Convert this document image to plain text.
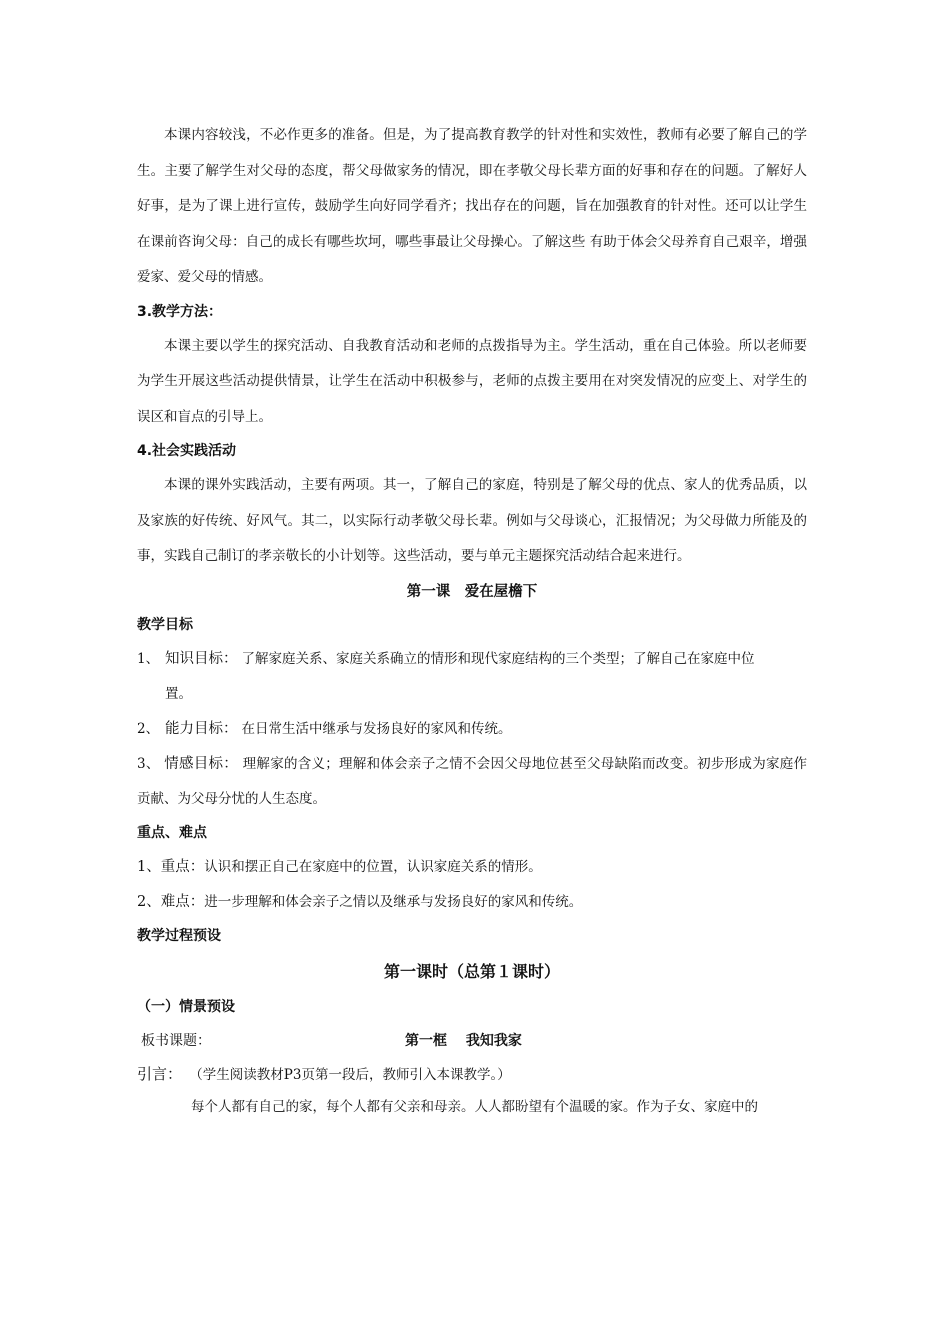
本课内容较浅，不必作更多的准备。但是，为了提高教育教学的针对性和实效性，教师有必要了解自己的学生。主要了解学生对父母的态度，帮父母做家务的情况，即在孝敬父母长辈方面的好事和存在的问题。了解好人好事，是为了课上进行宣传，鼓励学生向好同学看齐；找出存在的问题，旨在加强教育的针对性。还可以让学生在课前咨询父母：自己的成长有哪些坎坷，哪些事最让父母操心。了解这些 有助于体会父母养育自己艰辛，增强爱家、爱父母的情感。

3.教学方法：

本课主要以学生的探究活动、自我教育活动和老师的点拨指导为主。学生活动，重在自己体验。所以老师要为学生开展这些活动提供情景，让学生在活动中积极参与，老师的点拨主要用在对突发情况的应变上、对学生的误区和盲点的引导上。

4.社会实践活动

本课的课外实践活动，主要有两项。其一，了解自己的家庭，特别是了解父母的优点、家人的优秀品质，以及家族的好传统、好风气。其二，以实际行动孝敬父母长辈。例如与父母谈心，汇报情况；为父母做力所能及的事，实践自己制订的孝亲敬长的小计划等。这些活动，要与单元主题探究活动结合起来进行。

第一课　爱在屋檐下

教学目标

1、 知识目标： 了解家庭关系、家庭关系确立的情形和现代家庭结构的三个类型；了解自己在家庭中位

置。

2、 能力目标： 在日常生活中继承与发扬良好的家风和传统。

3、 情感目标： 理解家的含义；理解和体会亲子之情不会因父母地位甚至父母缺陷而改变。初步形成为家庭作贡献、为父母分忧的人生态度。

重点、难点

1、重点：认识和摆正自己在家庭中的位置，认识家庭关系的情形。

2、难点：进一步理解和体会亲子之情以及继承与发扬良好的家风和传统。

教学过程预设

第一课时（总第１课时）

（一）情景预设

板书课题：	第一框　 我知我家

引言： （学生阅读教材P3页第一段后，教师引入本课教学。）

每个人都有自己的家，每个人都有父亲和母亲。人人都盼望有个温暖的家。作为子女、家庭中的
